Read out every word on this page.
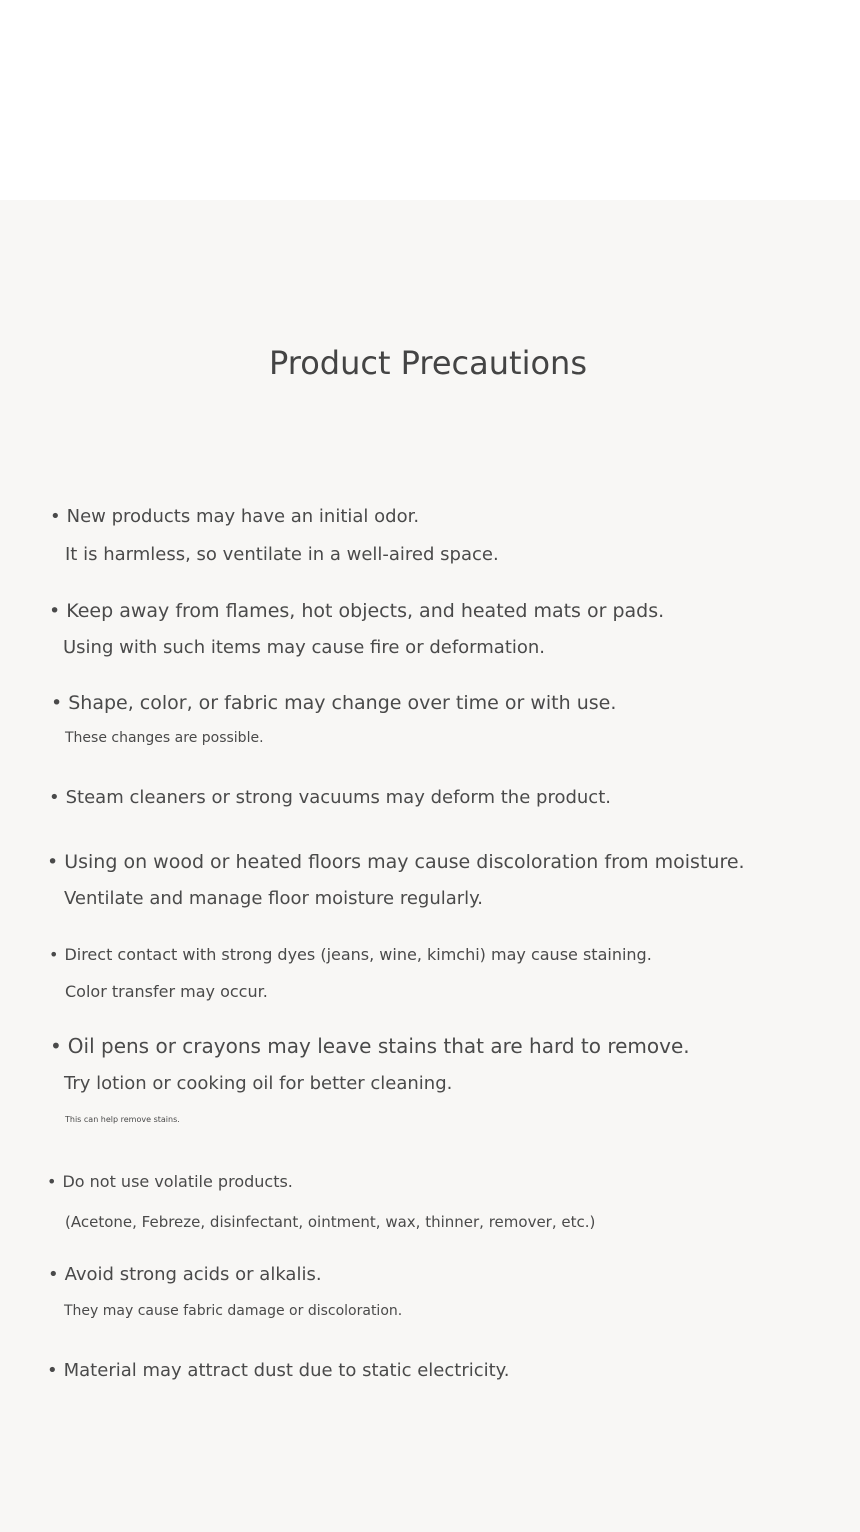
Product Precautions
• New products may have an initial odor.
It is harmless, so ventilate in a well-aired space.
• Keep away from flames, hot objects, and heated mats or pads.
Using with such items may cause fire or deformation.
• Shape, color, or fabric may change over time or with use.
These changes are possible.
• Steam cleaners or strong vacuums may deform the product.
• Using on wood or heated floors may cause discoloration from moisture.
Ventilate and manage floor moisture regularly.
• Direct contact with strong dyes (jeans, wine, kimchi) may cause staining.
Color transfer may occur.
• Oil pens or crayons may leave stains that are hard to remove.
Try lotion or cooking oil for better cleaning.
This can help remove stains.
• Do not use volatile products.
(Acetone, Febreze, disinfectant, ointment, wax, thinner, remover, etc.)
• Avoid strong acids or alkalis.
They may cause fabric damage or discoloration.
• Material may attract dust due to static electricity.
